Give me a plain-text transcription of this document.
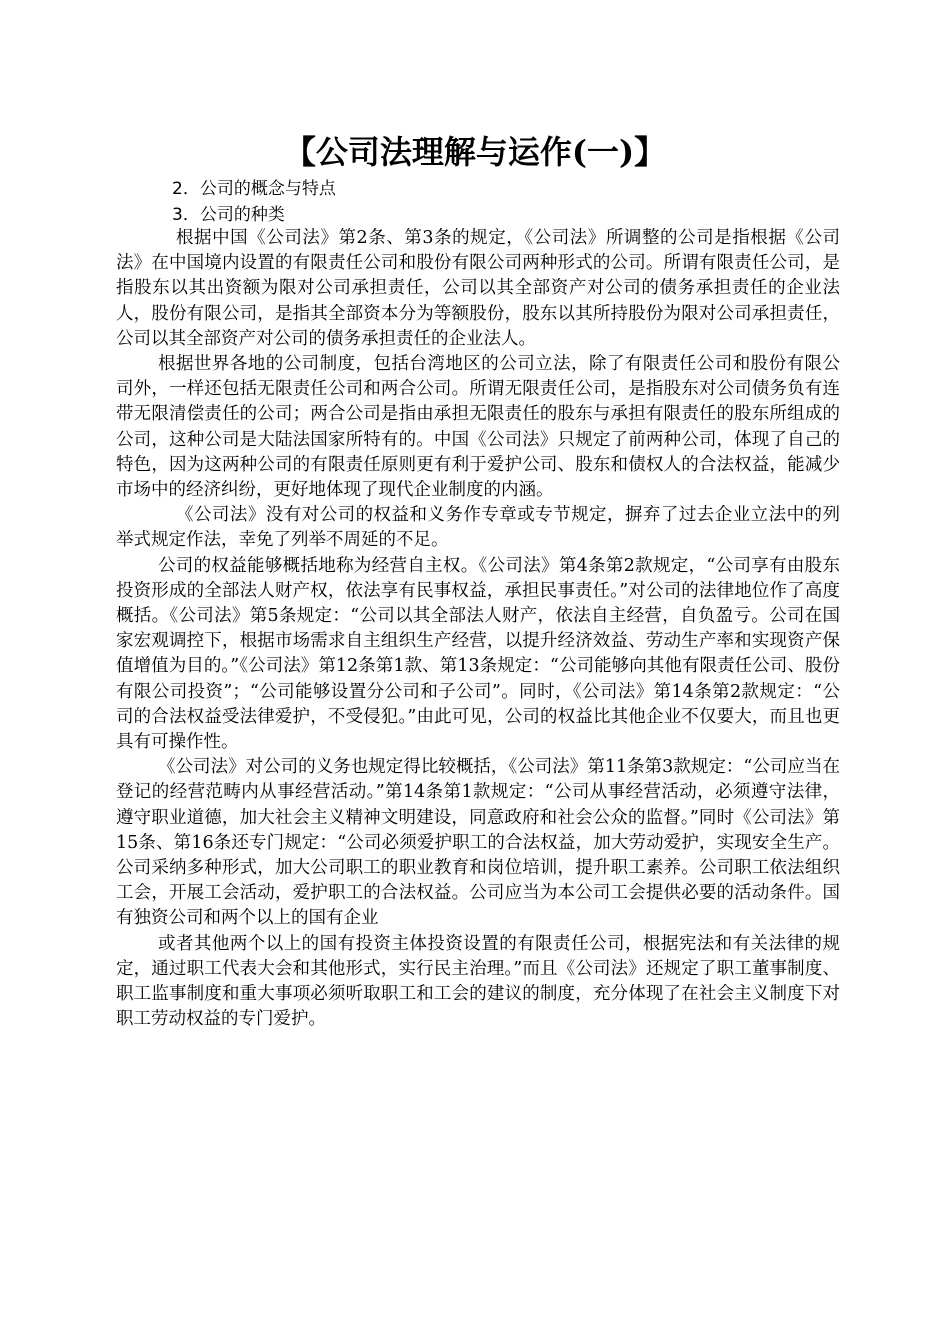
【公司法理解与运作(一)】
2．公司的概念与特点
3．公司的种类

根据中国《公司法》第2条、第3条的规定，《公司法》所调整的公司是指根据《公司法》在中国境内设置的有限责任公司和股份有限公司两种形式的公司。所谓有限责任公司，是指股东以其出资额为限对公司承担责任，公司以其全部资产对公司的债务承担责任的企业法人，股份有限公司，是指其全部资本分为等额股份，股东以其所持股份为限对公司承担责任，公司以其全部资产对公司的债务承担责任的企业法人。

根据世界各地的公司制度，包括台湾地区的公司立法，除了有限责任公司和股份有限公司外，一样还包括无限责任公司和两合公司。所谓无限责任公司，是指股东对公司债务负有连带无限清偿责任的公司；两合公司是指由承担无限责任的股东与承担有限责任的股东所组成的公司，这种公司是大陆法国家所特有的。中国《公司法》只规定了前两种公司，体现了自己的特色，因为这两种公司的有限责任原则更有利于爱护公司、股东和债权人的合法权益，能减少市场中的经济纠纷，更好地体现了现代企业制度的内涵。

《公司法》没有对公司的权益和义务作专章或专节规定，摒弃了过去企业立法中的列举式规定作法，幸免了列举不周延的不足。

公司的权益能够概括地称为经营自主权。《公司法》第4条第2款规定，“公司享有由股东投资形成的全部法人财产权，依法享有民事权益，承担民事责任。”对公司的法律地位作了高度概括。《公司法》第5条规定：“公司以其全部法人财产，依法自主经营，自负盈亏。公司在国家宏观调控下，根据市场需求自主组织生产经营，以提升经济效益、劳动生产率和实现资产保值增值为目的。”《公司法》第12条第1款、第13条规定：“公司能够向其他有限责任公司、股份有限公司投资”；“公司能够设置分公司和子公司”。同时，《公司法》第14条第2款规定：“公司的合法权益受法律爱护，不受侵犯。”由此可见，公司的权益比其他企业不仅要大，而且也更具有可操作性。

《公司法》对公司的义务也规定得比较概括，《公司法》第11条第3款规定：“公司应当在登记的经营范畴内从事经营活动。”第14条第1款规定：“公司从事经营活动，必须遵守法律，遵守职业道德，加大社会主义精神文明建设，同意政府和社会公众的监督。”同时《公司法》第15条、第16条还专门规定：“公司必须爱护职工的合法权益，加大劳动爱护，实现安全生产。公司采纳多种形式，加大公司职工的职业教育和岗位培训，提升职工素养。公司职工依法组织工会，开展工会活动，爱护职工的合法权益。公司应当为本公司工会提供必要的活动条件。国有独资公司和两个以上的国有企业

或者其他两个以上的国有投资主体投资设置的有限责任公司，根据宪法和有关法律的规定，通过职工代表大会和其他形式，实行民主治理。”而且《公司法》还规定了职工董事制度、职工监事制度和重大事项必须听取职工和工会的建议的制度，充分体现了在社会主义制度下对职工劳动权益的专门爱护。
